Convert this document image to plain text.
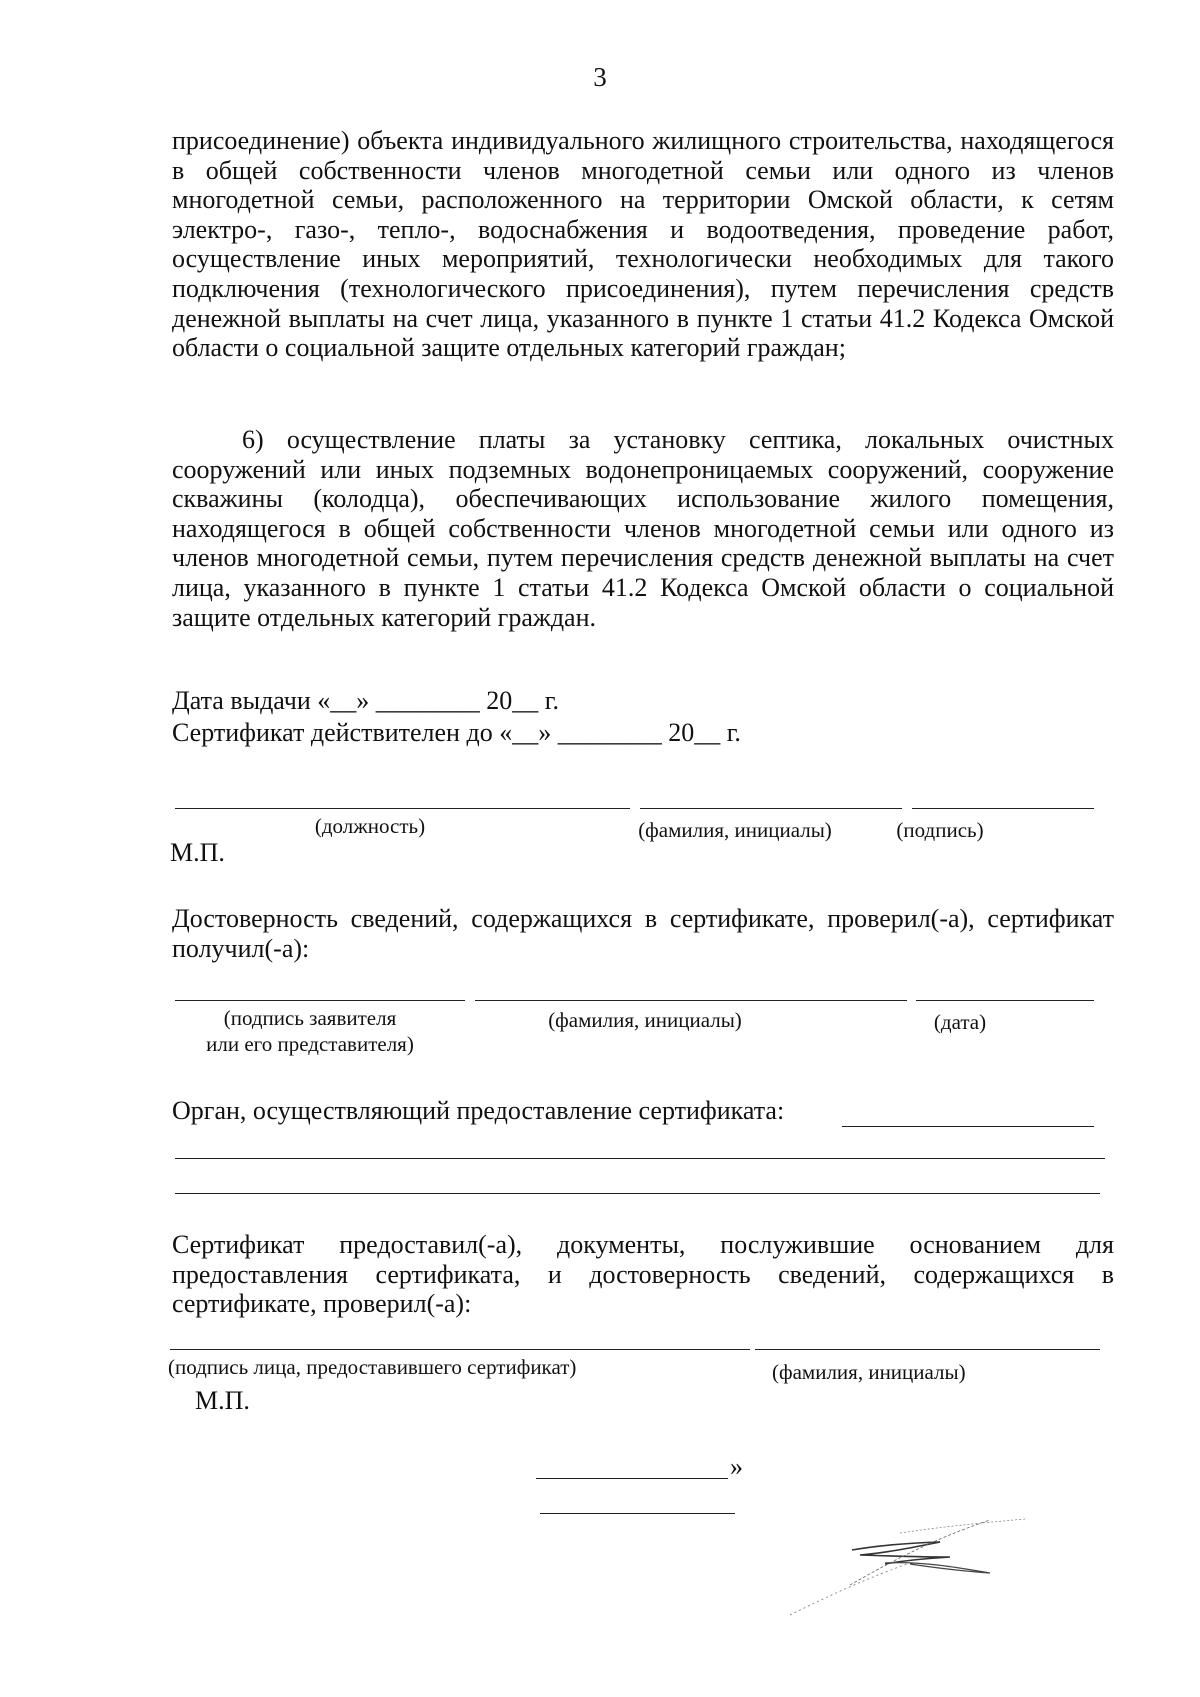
3
присоединение) объекта индивидуального жилищного строительства, находящегося в общей собственности членов многодетной семьи или одного из членов многодетной семьи, расположенного на территории Омской области, к сетям электро-, газо-, тепло-, водоснабжения и водоотведения, проведение работ, осуществление иных мероприятий, технологически необходимых для такого подключения (технологического присоединения), путем перечисления средств денежной выплаты на счет лица, указанного в пункте 1 статьи 41.2 Кодекса Омской области о социальной защите отдельных категорий граждан;
6) осуществление платы за установку септика, локальных очистных сооружений или иных подземных водонепроницаемых сооружений, сооружение скважины (колодца), обеспечивающих использование жилого помещения, находящегося в общей собственности членов многодетной семьи или одного из членов многодетной семьи, путем перечисления средств денежной выплаты на счет лица, указанного в пункте 1 статьи 41.2 Кодекса Омской области о социальной защите отдельных категорий граждан.
Дата выдачи «__» ________ 20__ г.
Сертификат действителен до «__» ________ 20__ г.
(должность)	(фамилия, инициалы)	(подпись)
М.П.
Достоверность сведений, содержащихся в сертификате, проверил(-а), сертификат получил(-а):
(подпись заявителя
или его представителя)
(фамилия, инициалы)	(дата)
Орган, осуществляющий предоставление сертификата:
Сертификат предоставил(-а), документы, послужившие основанием для предоставления сертификата, и достоверность сведений, содержащихся в сертификате, проверил(-а):
(подпись лица, предоставившего сертификат)	(фамилия, инициалы)
М.П.
»
